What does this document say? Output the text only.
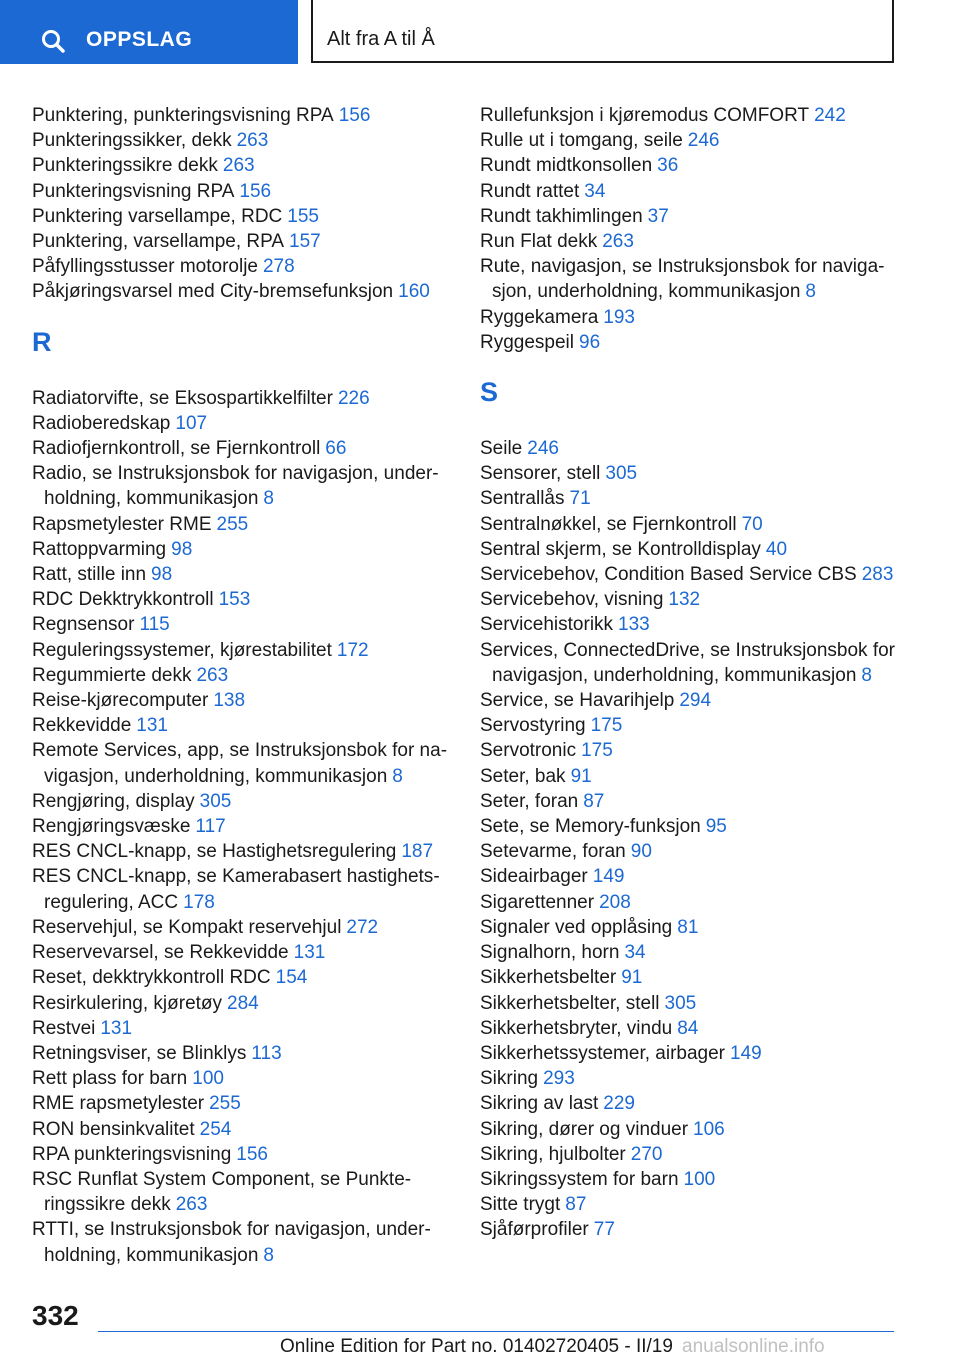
OPPSLAG	Alt fra A til Å
Punktering, punkteringsvisning RPA 156
Punkteringssikker, dekk 263
Punkteringssikre dekk 263
Punkteringsvisning RPA 156
Punktering varsellampe, RDC 155
Punktering, varsellampe, RPA 157
Påfyllingsstusser motorolje 278
Påkjøringsvarsel med City-bremsefunksjon 160
R
Radiatorvifte, se Eksospartikkelfilter 226
Radioberedskap 107
Radiofjernkontroll, se Fjernkontroll 66
Radio, se Instruksjonsbok for navigasjon, underholdning, kommunikasjon 8
Rapsmetylester RME 255
Rattoppvarming 98
Ratt, stille inn 98
RDC Dekktrykkontroll 153
Regnsensor 115
Reguleringssystemer, kjørestabilitet 172
Regummierte dekk 263
Reise-kjørecomputer 138
Rekkevidde 131
Remote Services, app, se Instruksjonsbok for navigasjon, underholdning, kommunikasjon 8
Rengjøring, display 305
Rengjøringsvæske 117
RES CNCL-knapp, se Hastighetsregulering 187
RES CNCL-knapp, se Kamerabasert hastighetsregulering, ACC 178
Reservehjul, se Kompakt reservehjul 272
Reservevarsel, se Rekkevidde 131
Reset, dekktrykkontroll RDC 154
Resirkulering, kjøretøy 284
Restvei 131
Retningsviser, se Blinklys 113
Rett plass for barn 100
RME rapsmetylester 255
RON bensinkvalitet 254
RPA punkteringsvisning 156
RSC Runflat System Component, se Punkteringssikre dekk 263
RTTI, se Instruksjonsbok for navigasjon, underholdning, kommunikasjon 8
Rullefunksjon i kjøremodus COMFORT 242
Rulle ut i tomgang, seile 246
Rundt midtkonsollen 36
Rundt rattet 34
Rundt takhimlingen 37
Run Flat dekk 263
Rute, navigasjon, se Instruksjonsbok for navigasjon, underholdning, kommunikasjon 8
Ryggekamera 193
Ryggespeil 96
S
Seile 246
Sensorer, stell 305
Sentrallås 71
Sentralnøkkel, se Fjernkontroll 70
Sentral skjerm, se Kontrolldisplay 40
Servicebehov, Condition Based Service CBS 283
Servicebehov, visning 132
Servicehistorikk 133
Services, ConnectedDrive, se Instruksjonsbok for navigasjon, underholdning, kommunikasjon 8
Service, se Havarihjelp 294
Servostyring 175
Servotronic 175
Seter, bak 91
Seter, foran 87
Sete, se Memory-funksjon 95
Setevarme, foran 90
Sideairbager 149
Sigarettenner 208
Signaler ved opplåsing 81
Signalhorn, horn 34
Sikkerhetsbelter 91
Sikkerhetsbelter, stell 305
Sikkerhetsbryter, vindu 84
Sikkerhetssystemer, airbager 149
Sikring 293
Sikring av last 229
Sikring, dører og vinduer 106
Sikring, hjulbolter 270
Sikringssystem for barn 100
Sitte trygt 87
Sjåførprofiler 77
332
Online Edition for Part no. 01402720405 - II/19 anualsonline.info
